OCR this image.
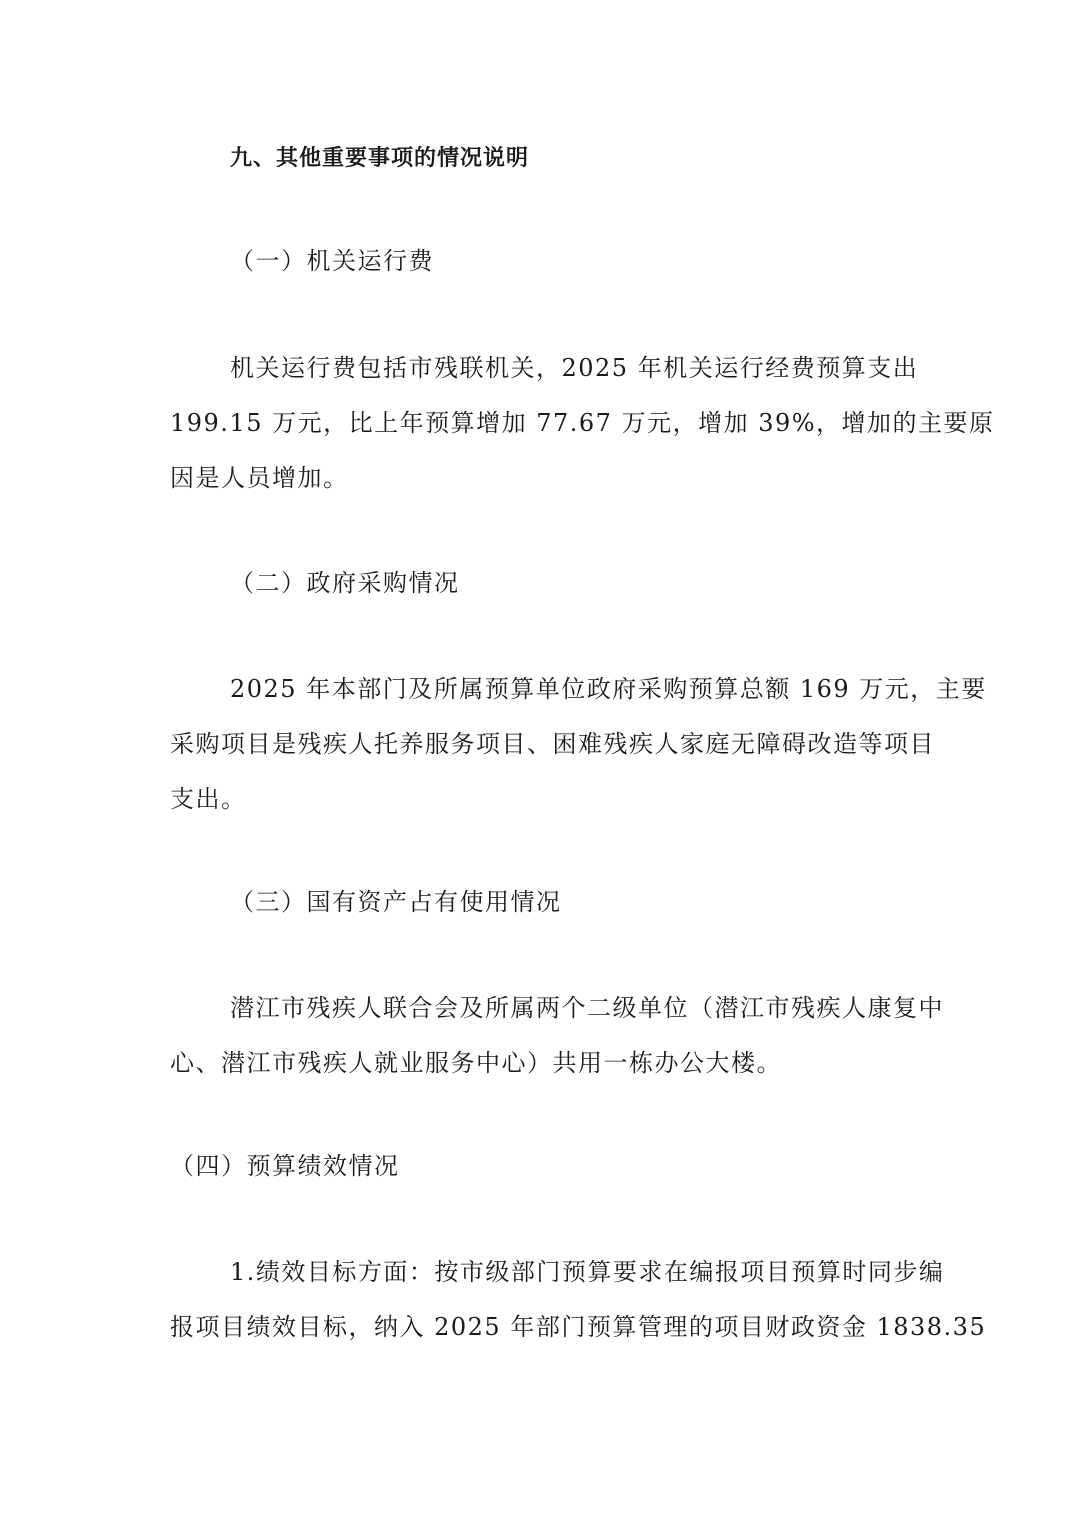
九、其他重要事项的情况说明
（一）机关运行费
机关运行费包括市残联机关，2025 年机关运行经费预算支出
199.15 万元，比上年预算增加 77.67 万元，增加 39%，增加的主要原
因是人员增加。
（二）政府采购情况
2025 年本部门及所属预算单位政府采购预算总额 169 万元，主要
采购项目是残疾人托养服务项目、困难残疾人家庭无障碍改造等项目
支出。
（三）国有资产占有使用情况
潜江市残疾人联合会及所属两个二级单位（潜江市残疾人康复中
心、潜江市残疾人就业服务中心）共用一栋办公大楼。
（四）预算绩效情况
1.绩效目标方面：按市级部门预算要求在编报项目预算时同步编
报项目绩效目标，纳入 2025 年部门预算管理的项目财政资金 1838.35
